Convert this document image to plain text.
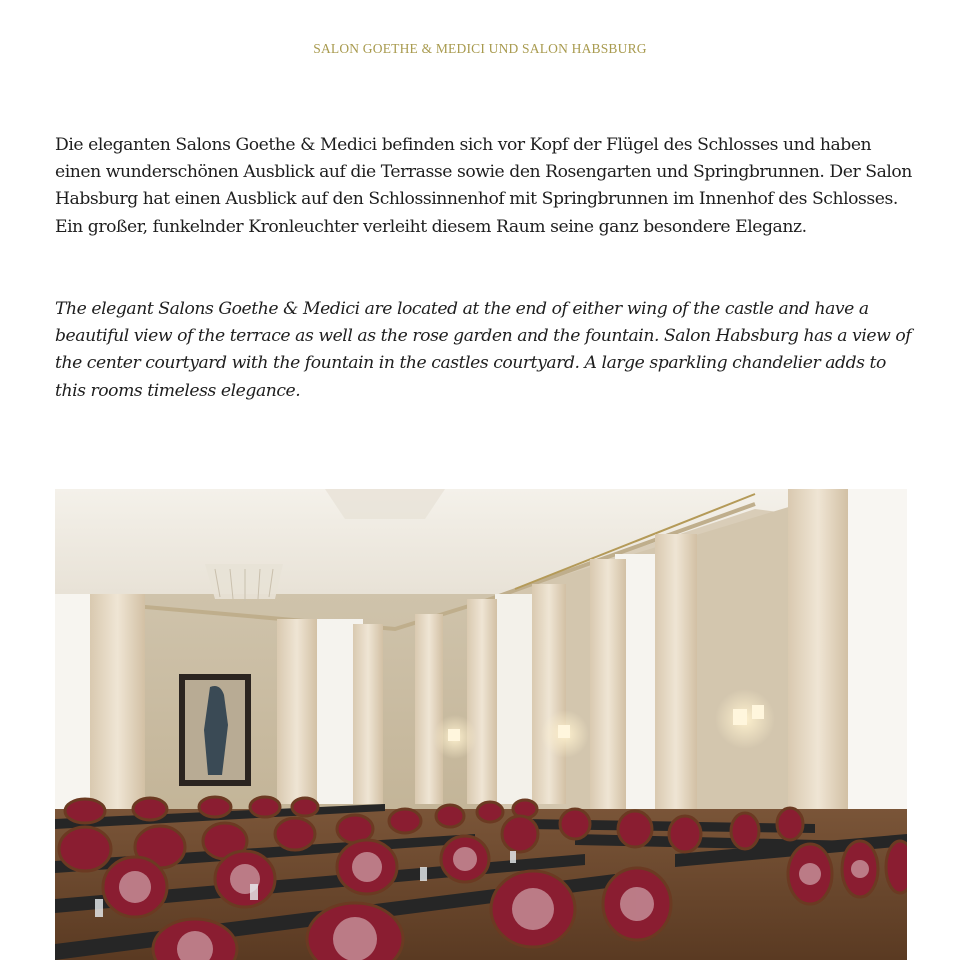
SALON GOETHE & MEDICI UND SALON HABSBURG

Die eleganten Salons Goethe & Medici befinden sich vor Kopf der Flügel des Schlosses und haben einen wunderschönen Ausblick auf die Terrasse sowie den Rosengarten und Springbrunnen. Der Salon Habsburg hat einen Ausblick auf den Schlossinnenhof mit Springbrunnen im Innenhof des Schlosses. Ein großer, funkelnder Kronleuchter verleiht diesem Raum seine ganz besondere Eleganz.

The elegant Salons Goethe & Medici are located at the end of either wing of the castle and have a beautiful view of the terrace as well as the rose garden and the fountain. Salon Habsburg has a view of the center courtyard with the fountain in the castles courtyard. A large sparkling chandelier adds to this rooms timeless elegance.
